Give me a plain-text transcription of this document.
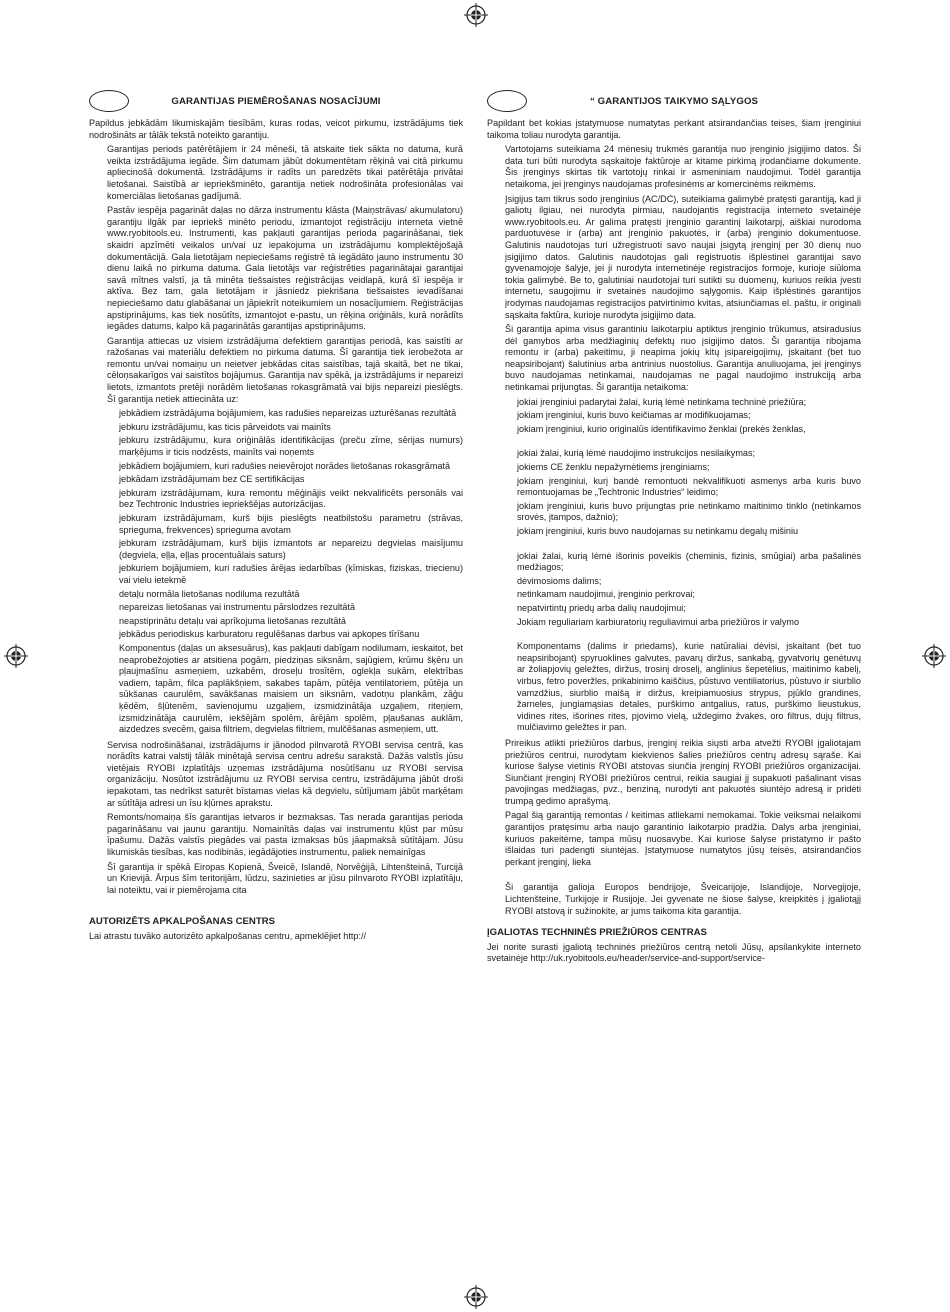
GARANTIJAS PIEMĒROŠANAS NOSACĪJUMI

Papildus jebkādām likumiskajām tiesībām, kuras rodas, veicot pirkumu, izstrādājums tiek nodrošināts ar tālāk tekstā noteikto garantiju.

Garantijas periods patērētājiem ir 24 mēneši, tā atskaite tiek sākta no datuma, kurā veikta izstrādājuma iegāde. Šim datumam jābūt dokumentētam rēķinā vai citā pirkumu apliecinošā dokumentā. Izstrādājums ir radīts un paredzēts tikai patērētāja privātai lietošanai. Saistībā ar iepriekšminēto, garantija netiek nodrošināta profesionālas vai komerciālas lietošanas gadījumā.

Pastāv iespēja pagarināt daļas no dārza instrumentu klāsta (Maiņstrāvas/ akumulatoru) garantiju ilgāk par iepriekš minēto periodu, izmantojot reģistrāciju interneta vietnē www.ryobitools.eu. Instrumenti, kas pakļauti garantijas perioda pagarināšanai, tiek skaidri apzīmēti veikalos un/vai uz iepakojuma un izstrādājumu komplektējošajā dokumentācijā. Gala lietotājam nepieciešams reģistrē tā iegādāto jauno instrumentu 30 dienu laikā no pirkuma datuma. Gala lietotājs var reģistrēties pagarinātajai garantijai savā mītnes valstī, ja tā minēta tiešsaistes reģistrācijas veidlapā, kurā šī iespēja ir aktīva. Bez tam, gala lietotājam ir jāsniedz piekrišana tiešsaistes ievadīšanai nepieciešamo datu glabāšanai un jāpiekrīt noteikumiem un nosacījumiem. Reģistrācijas apstiprinājums, kas tiek nosūtīts, izmantojot e-pastu, un rēķina oriģināls, kurā norādīts iegādes datums, kalpo kā pagarinātās garantijas apstiprinājums.

Garantija attiecas uz visiem izstrādājuma defektiem garantijas periodā, kas saistīti ar ražošanas vai materiālu defektiem no pirkuma datuma. Šī garantija tiek ierobežota ar remontu un/vai nomaiņu un neietver jebkādas citas saistības, tajā skaitā, bet ne tikai, cēloņsakarīgos vai saistītos bojājumus. Garantija nav spēkā, ja izstrādājums ir nepareizi lietots, izmantots pretēji norādēm lietošanas rokasgrāmatā vai bijis nepareizi pieslēgts. Šī garantija netiek attiecināta uz:

jebkādiem izstrādājuma bojājumiem, kas radušies nepareizas uzturēšanas rezultātā

jebkuru izstrādājumu, kas ticis pārveidots vai mainīts

jebkuru izstrādājumu, kura oriģinālās identifikācijas (preču zīme, sērijas numurs) marķējums ir ticis nodzēsts, mainīts vai noņemts

jebkādiem bojājumiem, kuri radušies neievērojot norādes lietošanas rokasgrāmatā

jebkādam izstrādājumam bez CE sertifikācijas

jebkuram izstrādājumam, kura remontu mēģinājis veikt nekvalificēts personāls vai bez Techtronic Industries iepriekšējas autorizācijas.

jebkuram izstrādājumam, kurš bijis pieslēgts neatbilstošu parametru (strāvas, sprieguma, frekvences) spriegumа avotam

jebkuram izstrādājumam, kurš bijis izmantots ar nepareizu degvielas maisījumu (degviela, eļļa, eļļas procentuālais saturs)

jebkuriem bojājumiem, kuri radušies ārējas iedarbības (ķīmiskas, fiziskas, triecienu) vai vielu ietekmē

detaļu normāla lietošanas nodiluma rezultātā

nepareizas lietošanas vai instrumentu pārslodzes rezultātā

neapstiprinātu detaļu vai aprīkojuma lietošanas rezultātā

jebkādus periodiskus karburatoru regulēšanas darbus vai apkopes tīrīšanu

Komponentus (daļas un aksesuārus), kas pakļauti dabīgam nodilumam, ieskaitot, bet neaprobežojoties ar atsitiena pogām, piedziņas siksnām, sajūgiem, krūmu šķēru un pļaujmašīnu asmeņiem, uzkabēm, droseļu trosītēm, oglekļa sukām, elektrības vadiem, tapām, filca paplākšņiem, sakabes tapām, pūtēja ventilatoriem, pūtēja un sūkšanas caurulēm, savākšanas maisiem un siksnām, vadotņu plankām, zāģu ķēdēm, šļūtenēm, savienojumu uzgaļiem, izsmidzinātāja uzgaļiem, riteņiem, izsmidzinātāja caurulēm, iekšējām spolēm, ārējām spolēm, pļaušanas auklām, aizdedzes svecēm, gaisa filtriem, degvielas filtriem, mulčēšanas asmeņiem, utt.

Servisa nodrošināšanai, izstrādājums ir jānodod pilnvarotā RYOBI servisa centrā, kas norādīts katrai valstij tālāk minētajā servisa centru adrešu sarakstā. Dažās valstīs jūsu vietējais RYOBI izplatītājs uzņemas izstrādājuma nosūtīšanu uz RYOBI servisa organizāciju. Nosūtot izstrādājumu uz RYOBI servisa centru, izstrādājuma jābūt droši iepakotam, tas nedrīkst saturēt bīstamas vielas kā degvielu, sūtījumam jābūt marķētam ar sūtītāja adresi un īsu kļūmes aprakstu.

Remonts/nomaiņa šīs garantijas ietvaros ir bezmaksas. Tas nerada garantijas perioda pagarināšanu vai jaunu garantiju. Nomainītās daļas vai instrumentu kļūst par mūsu īpašumu. Dažās valstīs piegādes vai pasta izmaksas būs jāapmaksā sūtītājam. Jūsu likumiskās tiesības, kas nodibinās, iegādājoties instrumentu, paliek nemainīgas

Šī garantija ir spēkā Eiropas Kopienā, Šveicē, Islandē, Norvēģijā, Lihtenšteinā, Turcijā un Krievijā. Ārpus šīm teritorijām, lūdzu, sazinieties ar jūsu pilnvaroto RYOBI izplatītāju, lai noteiktu, vai ir piemērojama cita

AUTORIZĒTS APKALPOŠANAS CENTRS

Lai atrastu tuvāko autorizēto apkalpošanas centru, apmeklējiet http://

“ GARANTIJOS TAIKYMO SĄLYGOS

Papildant bet kokias įstatymuose numatytas perkant atsirandančias teises, šiam įrenginiui taikoma toliau nurodyta garantija.

Vartotojams suteikiama 24 mėnesių trukmės garantija nuo įrenginio įsigijimo datos. Ši data turi būti nurodyta sąskaitoje faktūroje ar kitame pirkimą įrodančiame dokumente. Šis įrenginys skirtas tik vartotojų rinkai ir asmeniniam naudojimui. Todėl garantija netaikoma, jei įrenginys naudojamas profesinėms ar komercinėms reikmėms.

Įsigijus tam tikrus sodo įrenginius (AC/DC), suteikiama galimybė pratęsti garantiją, kad ji galiotų ilgiau, nei nurodyta pirmiau, naudojantis registracija interneto svetainėje www.ryobitools.eu. Ar galima pratęsti įrenginio garantinį laikotarpį, aiškiai nurodoma parduotuvėse ir (arba) ant įrenginio pakuotės, ir (arba) įrenginio dokumentuose. Galutinis naudotojas turi užregistruoti savo naujai įsigytą įrenginį per 30 dienų nuo įsigijimo datos. Galutinis naudotojas gali registruotis išplėstinei garantijai savo gyvenamojoje šalyje, jei ji nurodyta internetinėje registracijos formoje, kurioje siūloma tokia galimybė. Be to, galutiniai naudotojai turi sutikti su duomenų, kuriuos reikia įvesti internetu, saugojimu ir svetainės naudojimo sąlygomis. Kaip išplėstinės garantijos įrodymas naudojamas registracijos patvirtinimo kvitas, atsiunčiamas el. paštu, ir originali sąskaita faktūra, kurioje nurodyta įsigijimo data.

Ši garantija apima visus garantiniu laikotarpiu aptiktus įrenginio trūkumus, atsiradusius dėl gamybos arba medžiaginių defektų nuo įsigijimo datos. Ši garantija ribojama remontu ir (arba) pakeitimu, ji neapima jokių kitų įsipareigojimų, įskaitant (bet tuo neapsiribojant) šalutinius arba antrinius nuostolius. Garantija anuliuojama, jei įrenginys buvo naudojamas netinkamai, naudojamas ne pagal naudojimo instrukciją arba netinkamai prijungtas. Ši garantija netaikoma:

jokiai įrenginiui padarytai žalai, kurią lėmė netinkama techninė priežiūra;

jokiam įrenginiui, kuris buvo keičiamas ar modifikuojamas;

jokiam įrenginiui, kurio originalūs identifikavimo ženklai (prekės ženklas,

jokiai žalai, kurią lėmė naudojimo instrukcijos nesilaikymas;

jokiems CE ženklu nepažymėtiems įrenginiams;

jokiam įrenginiui, kurį bandė remontuoti nekvalifikuoti asmenys arba kuris buvo remontuojamas be „Techtronic Industries“ leidimo;

jokiam įrenginiui, kuris buvo prijungtas prie netinkamo maitinimo tinklo (netinkamos srovės, įtampos, dažnio);

jokiam įrenginiui, kuris buvo naudojamas su netinkamu degalų mišiniu

jokiai žalai, kurią lėmė išorinis poveikis (cheminis, fizinis, smūgiai) arba pašalinės medžiagos;

dėvimosioms dalims;

netinkamam naudojimui, įrenginio perkrovai;

nepatvirtintų priedų arba dalių naudojimui;

Jokiam reguliariam karbiuratorių reguliavimui arba priežiūros ir valymo

Komponentams (dalims ir priedams), kurie natūraliai dėvisi, įskaitant (bet tuo neapsiribojant) spyruoklines galvutes, pavarų diržus, sankabą, gyvatvorių genėtuvų ar žoliapjovių geležtes, diržus, trosinį droselį, anglinius šepetėlius, maitinimo kabelį, virbus, fetro poveržles, prikabinimo kaiščius, pūstuvo ventiliatorius, pūstuvo ir siurblio vamzdžius, siurblio maišą ir diržus, kreipiamuosius strypus, pjūklo grandines, žarneles, jungiamąsias detales, purškimo antgalius, ratus, purškimo lieustukus, vidines rites, išorines rites, pjovimo vielą, uždegimo žvakes, oro filtrus, dujų filtrus, mulčiavimo geležtes ir pan.

Prireikus atlikti priežiūros darbus, įrenginį reikia siųsti arba atvežti RYOBI įgaliotajam priežiūros centrui, nurodytam kiekvienos šalies priežiūros centrų adresų sąraše. Kai kuriose šalyse vietinis RYOBI atstovas siunčia įrenginį RYOBI priežiūros organizacijai. Siunčiant įrenginį RYOBI priežiūros centrui, reikia saugiai jį supakuoti pašalinant visas pavojingas medžiagas, pvz., benziną, nurodyti ant pakuotės siuntėjo adresą ir pridėti trumpą gedimo aprašymą.

Pagal šią garantiją remontas / keitimas atliekami nemokamai. Tokie veiksmai nelaikomi garantijos pratęsimu arba naujo garantinio laikotarpio pradžia. Dalys arba įrenginiai, kuriuos pakeitėme, tampa mūsų nuosavybe. Kai kuriose šalyse pristatymo ir pašto išlaidas turi padengti siuntėjas. Įstatymuose numatytos jūsų teisės, atsirandančios perkant įrenginį, lieka

Ši garantija galioja Europos bendrijoje, Šveicarijoje, Islandijoje, Norvegijoje, Lichtenšteine, Turkijoje ir Rusijoje. Jei gyvenate ne šiose šalyse, kreipkitės į įgaliotąjį RYOBI atstovą ir sužinokite, ar jums taikoma kita garantija.

ĮGALIOTAS TECHNINĖS PRIEŽIŪROS CENTRAS

Jei norite surasti įgaliotą techninės priežiūros centrą netoli Jūsų, apsilankykite interneto svetainėje http://uk.ryobitools.eu/header/service-and-support/service-
